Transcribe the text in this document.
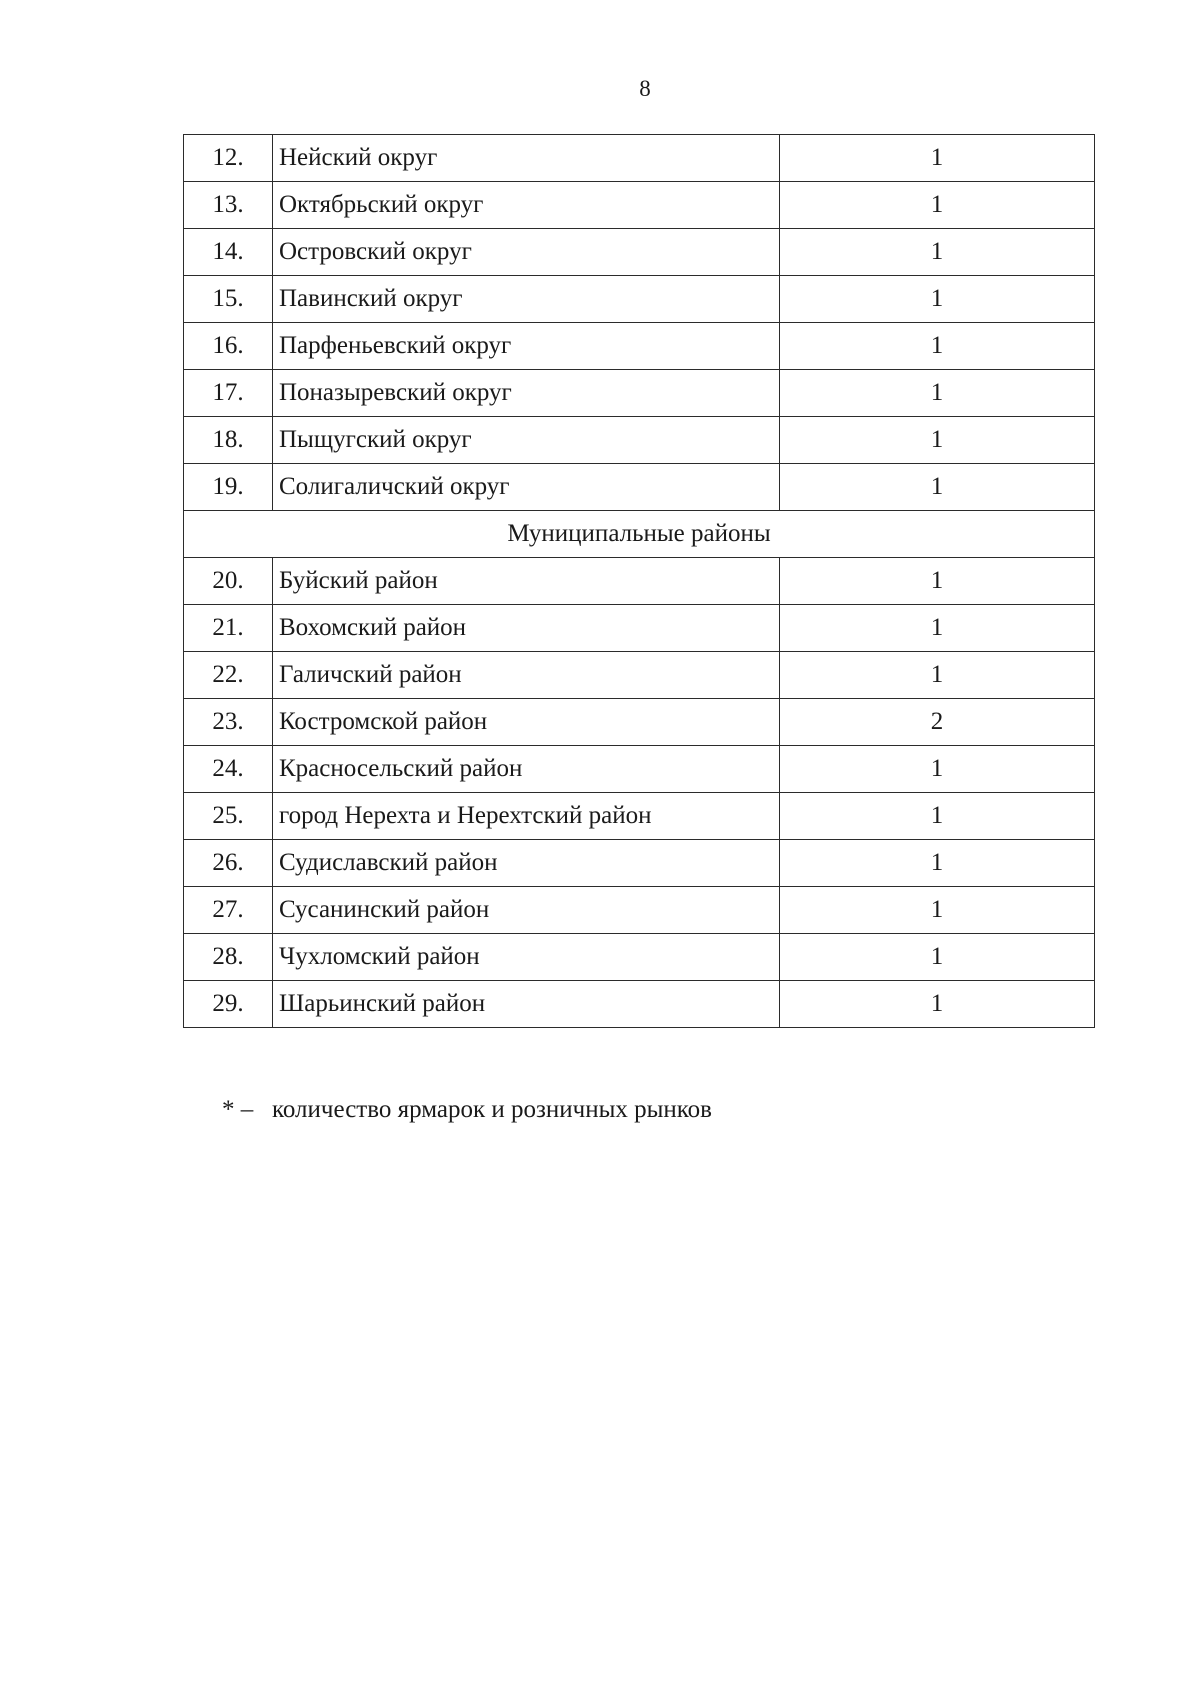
8
12.	Нейский округ	1
13.	Октябрьский округ	1
14.	Островский округ	1
15.	Павинский округ	1
16.	Парфеньевский округ	1
17.	Поназыревский округ	1
18.	Пыщугский округ	1
19.	Солигаличский округ	1
Муниципальные районы		
20.	Буйский район	1
21.	Вохомский район	1
22.	Галичский район	1
23.	Костромской район	2
24.	Красносельский район	1
25.	город Нерехта и Нерехтский район	1
26.	Судиславский район	1
27.	Сусанинский район	1
28.	Чухломский район	1
29.	Шарьинский район	1
* – количество ярмарок и розничных рынков
